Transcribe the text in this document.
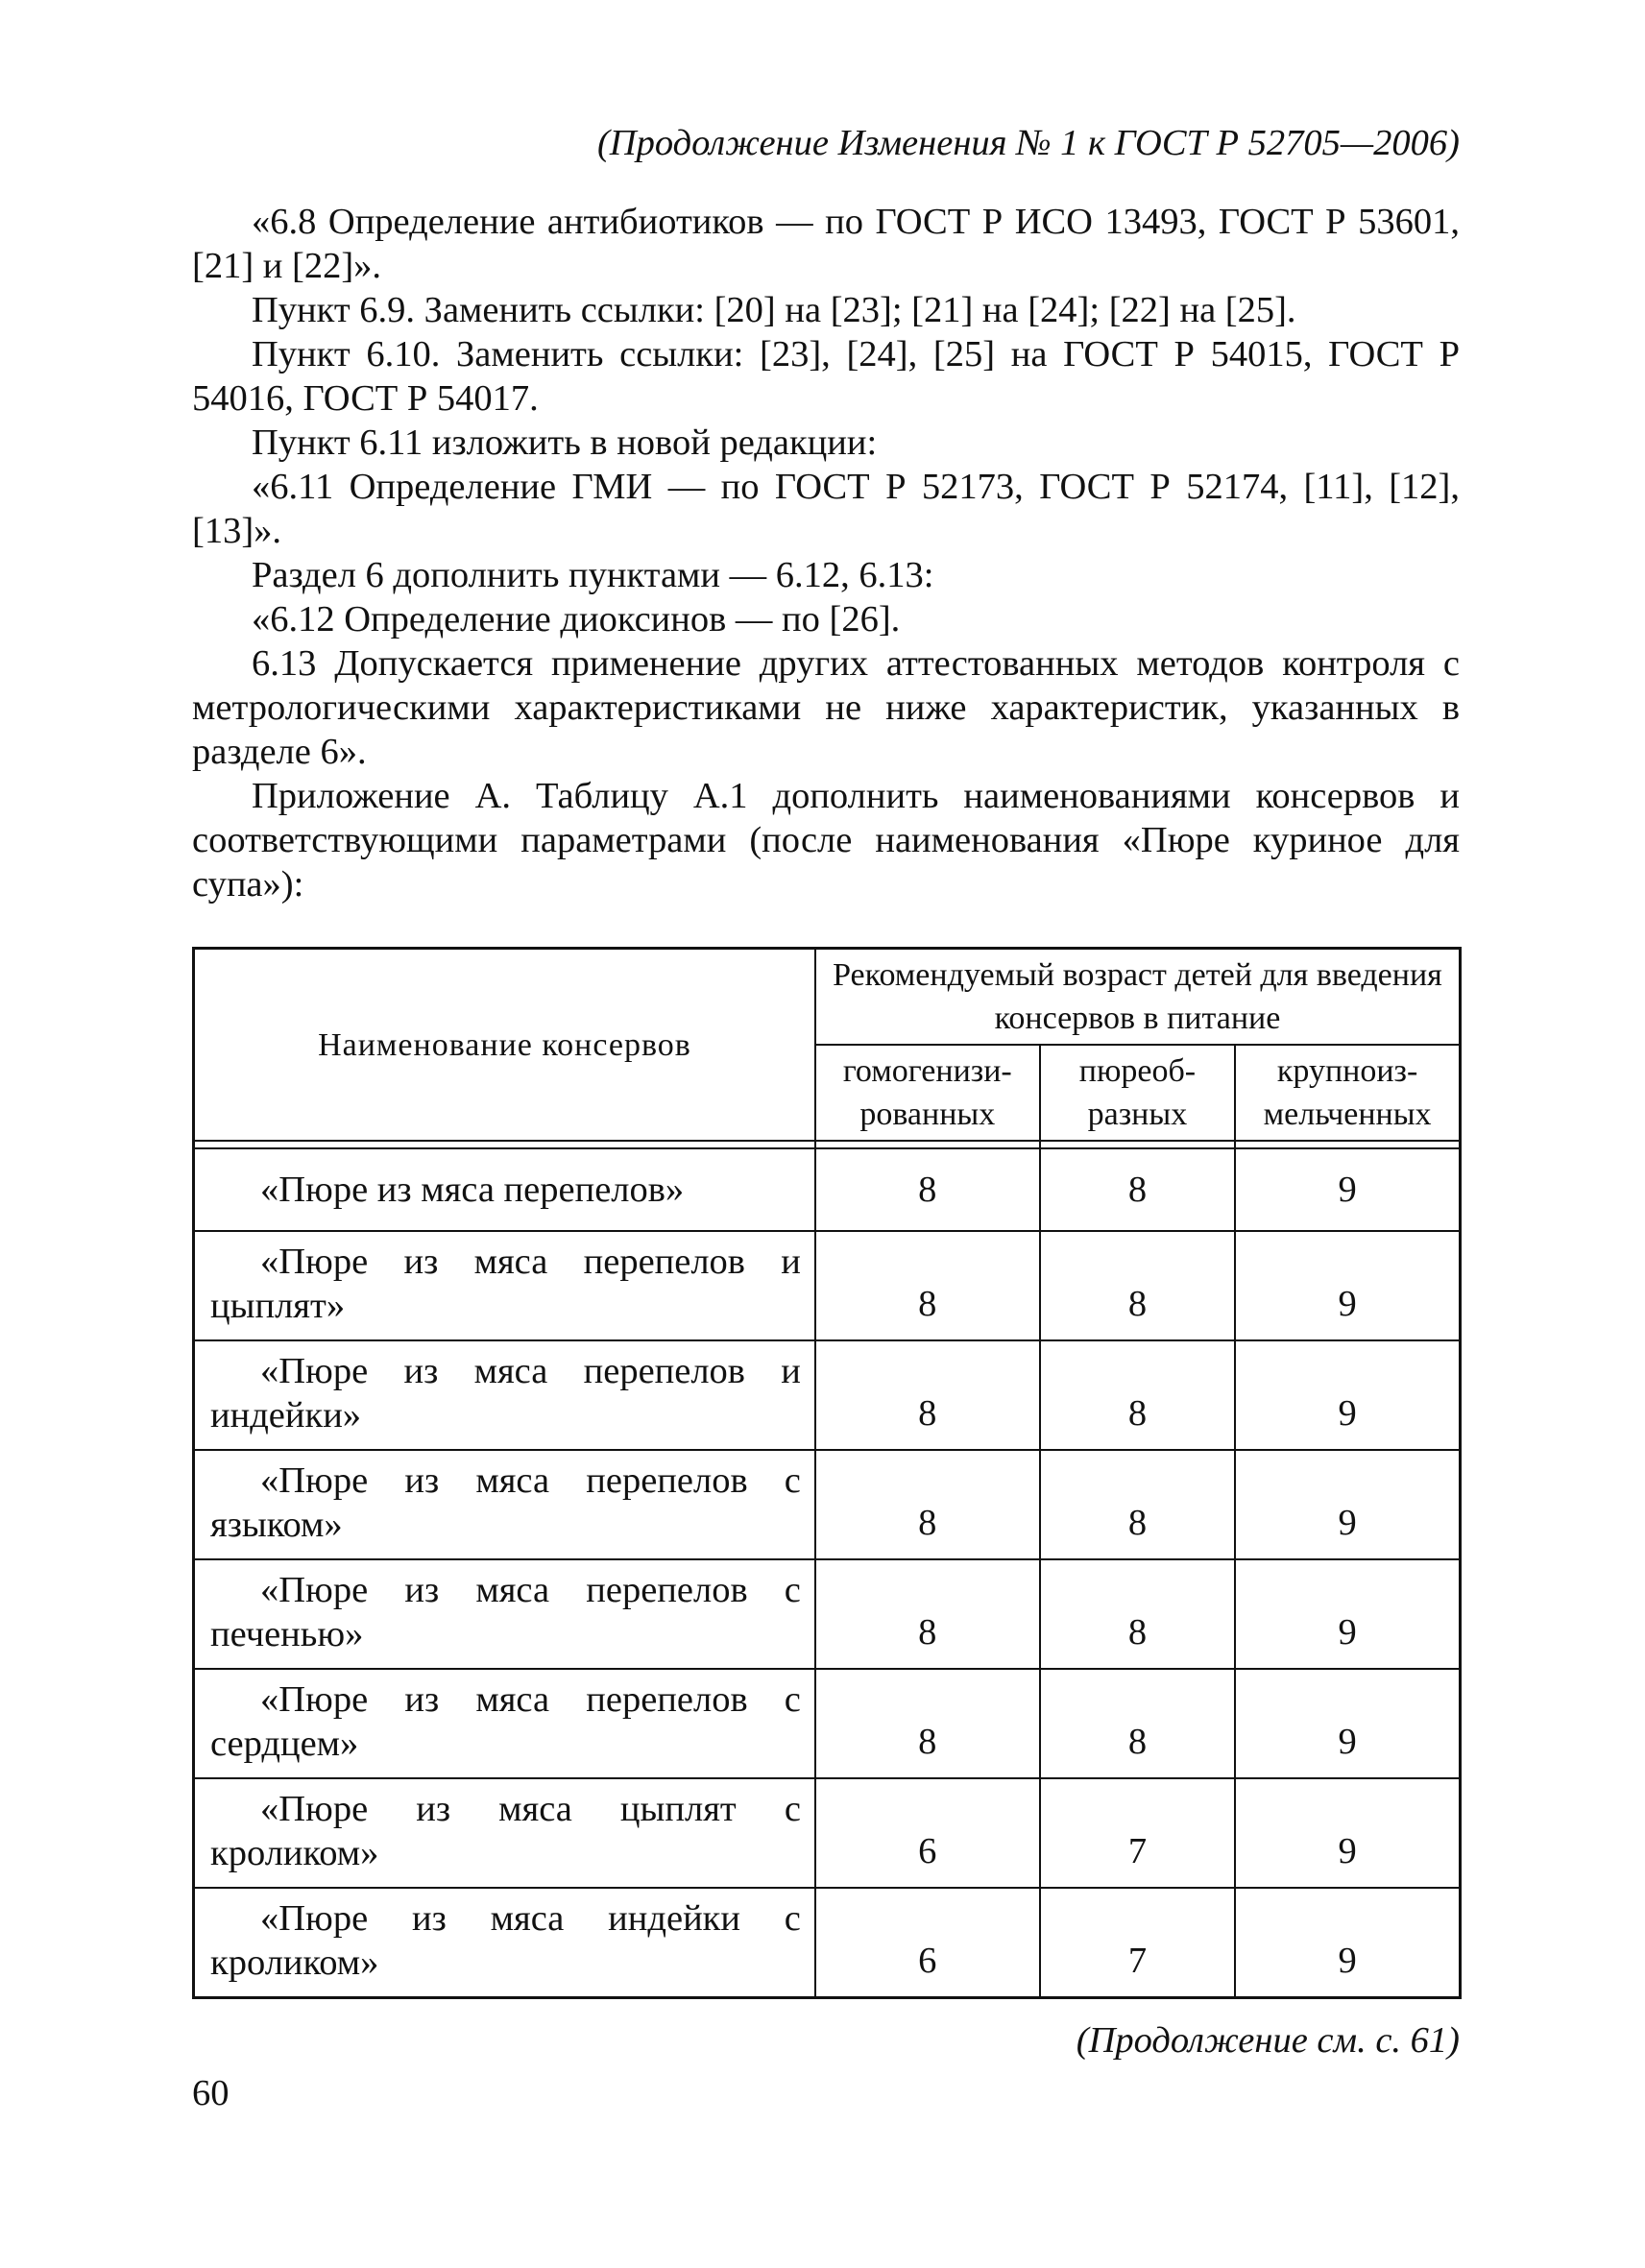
(Продолжение Изменения № 1 к ГОСТ Р 52705—2006)

«6.8 Определение антибиотиков — по ГОСТ Р ИСО 13493, ГОСТ Р 53601, [21] и [22]».

Пункт 6.9. Заменить ссылки: [20] на [23]; [21] на [24]; [22] на [25].

Пункт 6.10. Заменить ссылки: [23], [24], [25] на ГОСТ Р 54015, ГОСТ Р 54016, ГОСТ Р 54017.

Пункт 6.11 изложить в новой редакции:

«6.11 Определение ГМИ — по ГОСТ Р 52173, ГОСТ Р 52174, [11], [12], [13]».

Раздел 6 дополнить пунктами — 6.12, 6.13:

«6.12 Определение диоксинов — по [26].

6.13 Допускается применение других аттестованных методов контроля с метрологическими характеристиками не ниже характеристик, указанных в разделе 6».

Приложение А. Таблицу А.1 дополнить наименованиями консервов и соответствующими параметрами (после наименования «Пюре куриное для супа»):

Наименование консервов	Рекомендуемый возраст детей для введения консервов в питание		
	гомогенизи-рованных	пюреоб-разных	крупноиз-мельченных

«Пюре из мяса перепелов»	8	8	9
«Пюре из мяса перепелов и цыплят»	8	8	9
«Пюре из мяса перепелов и индейки»	8	8	9
«Пюре из мяса перепелов с языком»	8	8	9
«Пюре из мяса перепелов с печенью»	8	8	9
«Пюре из мяса перепелов с сердцем»	8	8	9
«Пюре из мяса цыплят с кроликом»	6	7	9
«Пюре из мяса индейки с кроликом»	6	7	9
(Продолжение см. с. 61)
60
